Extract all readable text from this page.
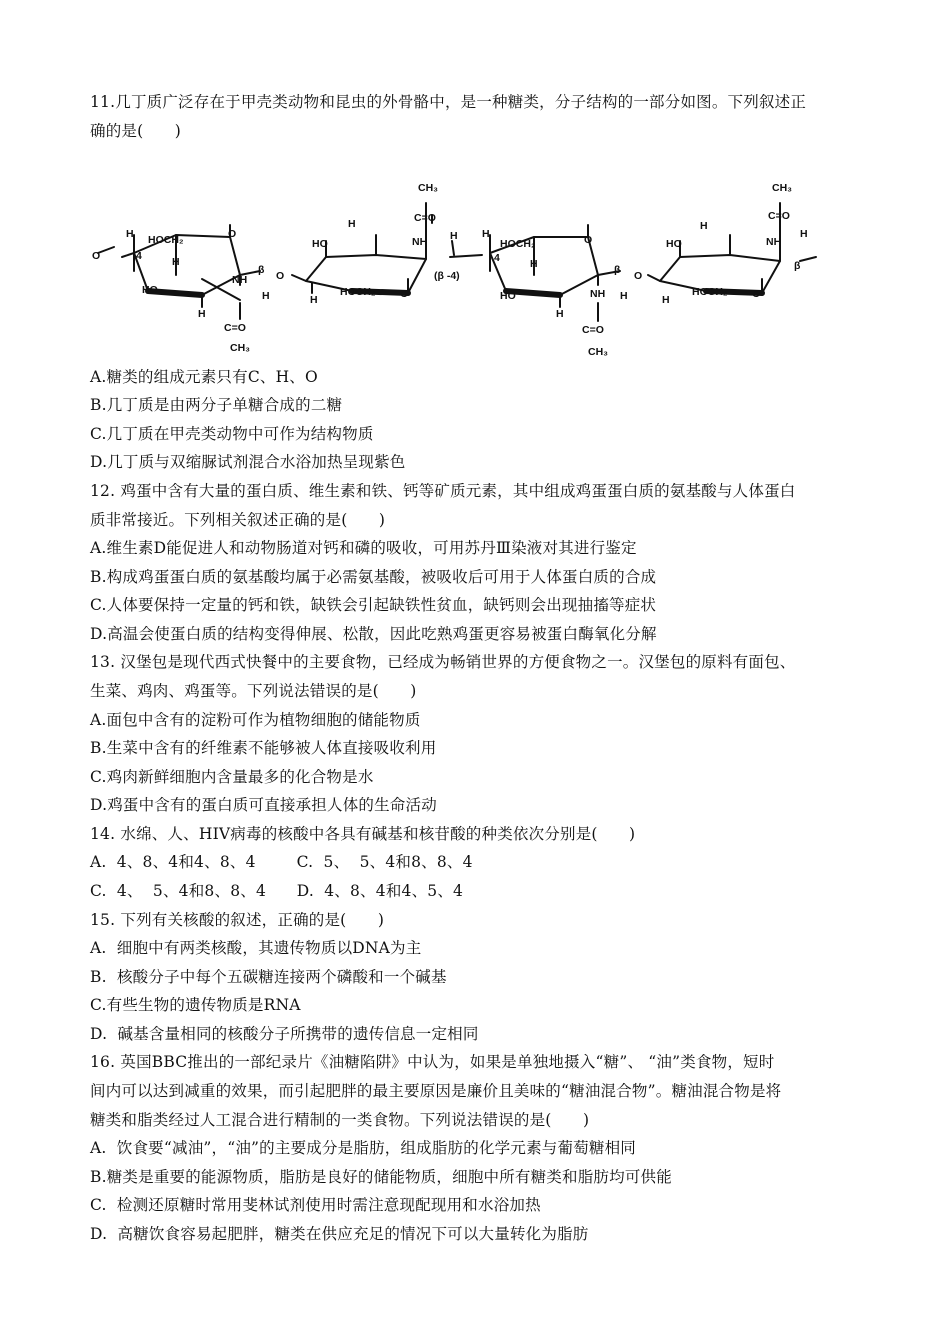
11.几丁质广泛存在于甲壳类动物和昆虫的外骨骼中，是一种糖类，分子结构的一部分如图。下列叙述正
确的是(　　)
O
H HOCH₂	O
4	H
β O
HO
NH
H
H
C=O
CH₃
HO
H
H
HOCH₂ O
CH₃
C=O
NH H
(β -4)
H
HOCH₂	O
4	H	β O
HO	NH H
H
C=O
CH₃
HO
H
H
HOCH₂ O
CH₃
C=O
NH
H
β
A.糖类的组成元素只有C、H、O
B.几丁质是由两分子单糖合成的二糖
C.几丁质在甲壳类动物中可作为结构物质
D.几丁质与双缩脲试剂混合水浴加热呈现紫色
12. 鸡蛋中含有大量的蛋白质、维生素和铁、钙等矿质元素，其中组成鸡蛋蛋白质的氨基酸与人体蛋白
质非常接近。下列相关叙述正确的是(　　)
A.维生素D能促进人和动物肠道对钙和磷的吸收，可用苏丹Ⅲ染液对其进行鉴定
B.构成鸡蛋蛋白质的氨基酸均属于必需氨基酸，被吸收后可用于人体蛋白质的合成
C.人体要保持一定量的钙和铁，缺铁会引起缺铁性贫血，缺钙则会出现抽搐等症状
D.高温会使蛋白质的结构变得伸展、松散，因此吃熟鸡蛋更容易被蛋白酶氧化分解
13. 汉堡包是现代西式快餐中的主要食物，已经成为畅销世界的方便食物之一。汉堡包的原料有面包、
生菜、鸡肉、鸡蛋等。下列说法错误的是(　　)
A.面包中含有的淀粉可作为植物细胞的储能物质
B.生菜中含有的纤维素不能够被人体直接吸收利用
C.鸡肉新鲜细胞内含量最多的化合物是水
D.鸡蛋中含有的蛋白质可直接承担人体的生命活动
14. 水绵、人、HIV病毒的核酸中各具有碱基和核苷酸的种类依次分别是(　　)
A.  4、8、4和4、8、4        C.  5、  5、4和8、8、4
C.  4、  5、4和8、8、4      D.  4、8、4和4、5、4
15. 下列有关核酸的叙述，正确的是(　　)
A.  细胞中有两类核酸，其遗传物质以DNA为主
B.  核酸分子中每个五碳糖连接两个磷酸和一个碱基
C.有些生物的遗传物质是RNA
D.  碱基含量相同的核酸分子所携带的遗传信息一定相同
16. 英国BBC推出的一部纪录片《油糖陷阱》中认为，如果是单独地摄入“糖”、 “油”类食物，短时
间内可以达到减重的效果，而引起肥胖的最主要原因是廉价且美味的“糖油混合物”。糖油混合物是将
糖类和脂类经过人工混合进行精制的一类食物。下列说法错误的是(　　)
A.  饮食要“减油”，“油”的主要成分是脂肪，组成脂肪的化学元素与葡萄糖相同
B.糖类是重要的能源物质，脂肪是良好的储能物质，细胞中所有糖类和脂肪均可供能
C.  检测还原糖时常用斐林试剂使用时需注意现配现用和水浴加热
D.  高糖饮食容易起肥胖，糖类在供应充足的情况下可以大量转化为脂肪
